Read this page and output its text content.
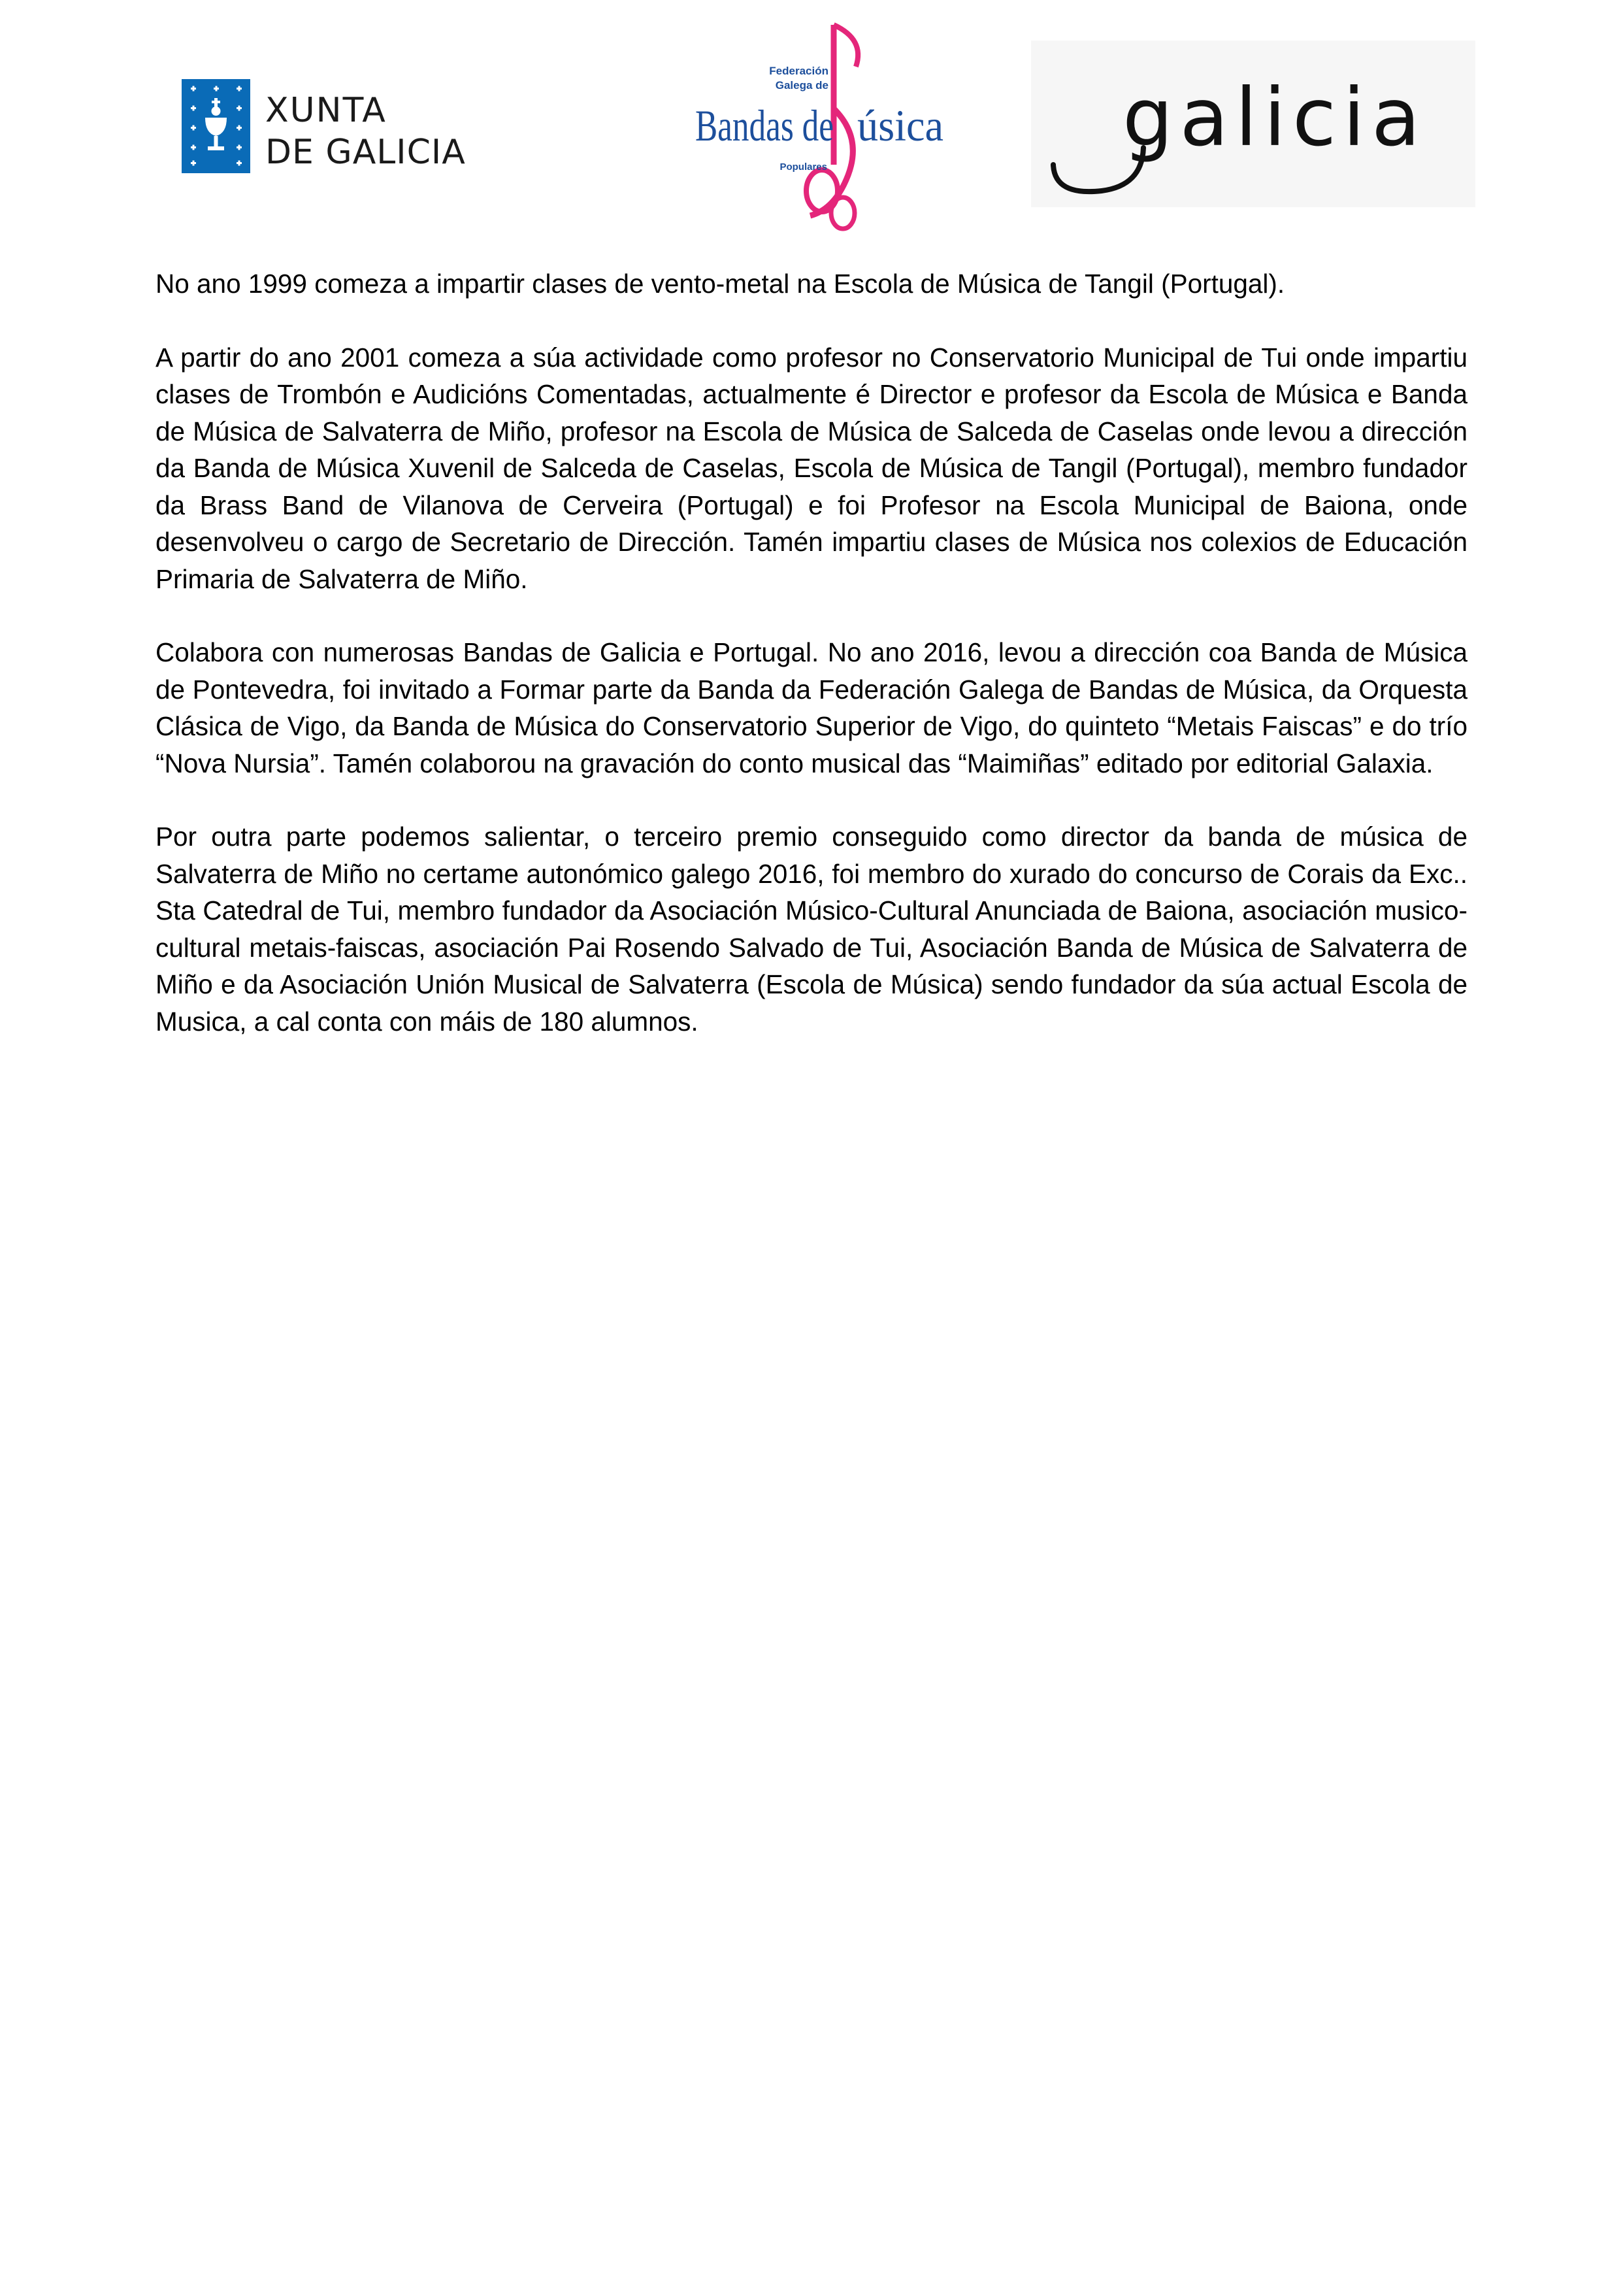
XUNTA
DE GALICIA
Federación
Galega de
Bandas de úsica
Populares
galicia

No ano 1999 comeza a impartir clases de vento-metal na Escola de Música de Tangil (Portugal).

A partir do ano 2001 comeza a súa actividade como profesor no Conservatorio Municipal de Tui onde impartiu clases de Trombón e Audicións Comentadas, actualmente é Director e profesor da Escola de Música e Banda de Música de Salvaterra de Miño, profesor na Escola de Música de Salceda de Caselas onde levou a dirección da Banda de Música Xuvenil de Salceda de Caselas, Escola de Música de Tangil (Portugal), membro fundador da Brass Band de Vilanova de Cerveira (Portugal) e foi Profesor na Escola Municipal de Baiona, onde desenvolveu o cargo de Secretario de Dirección. Tamén impartiu clases de Música nos colexios de Educación Primaria de Salvaterra de Miño.

Colabora con numerosas Bandas de Galicia e Portugal. No ano 2016, levou a dirección coa Banda de Música de Pontevedra, foi invitado a Formar parte da Banda da Federación Galega de Bandas de Música, da Orquesta Clásica de Vigo, da Banda de Música do Conservatorio Superior de Vigo, do quinteto “Metais Faiscas” e do trío “Nova Nursia”. Tamén colaborou na gravación do conto musical das “Maimiñas” editado por editorial Galaxia.

Por outra parte podemos salientar, o terceiro premio conseguido como director da banda de música de Salvaterra de Miño no certame autonómico galego 2016, foi membro do xurado do concurso de Corais da Exc.. Sta Catedral de Tui, membro fundador da Asociación Músico-Cultural Anunciada de Baiona, asociación musico-cultural metais-faiscas, asociación Pai Rosendo Salvado de Tui, Asociación Banda de Música de Salvaterra de Miño e da Asociación Unión Musical de Salvaterra (Escola de Música) sendo fundador da súa actual Escola de Musica, a cal conta con máis de 180 alumnos.
